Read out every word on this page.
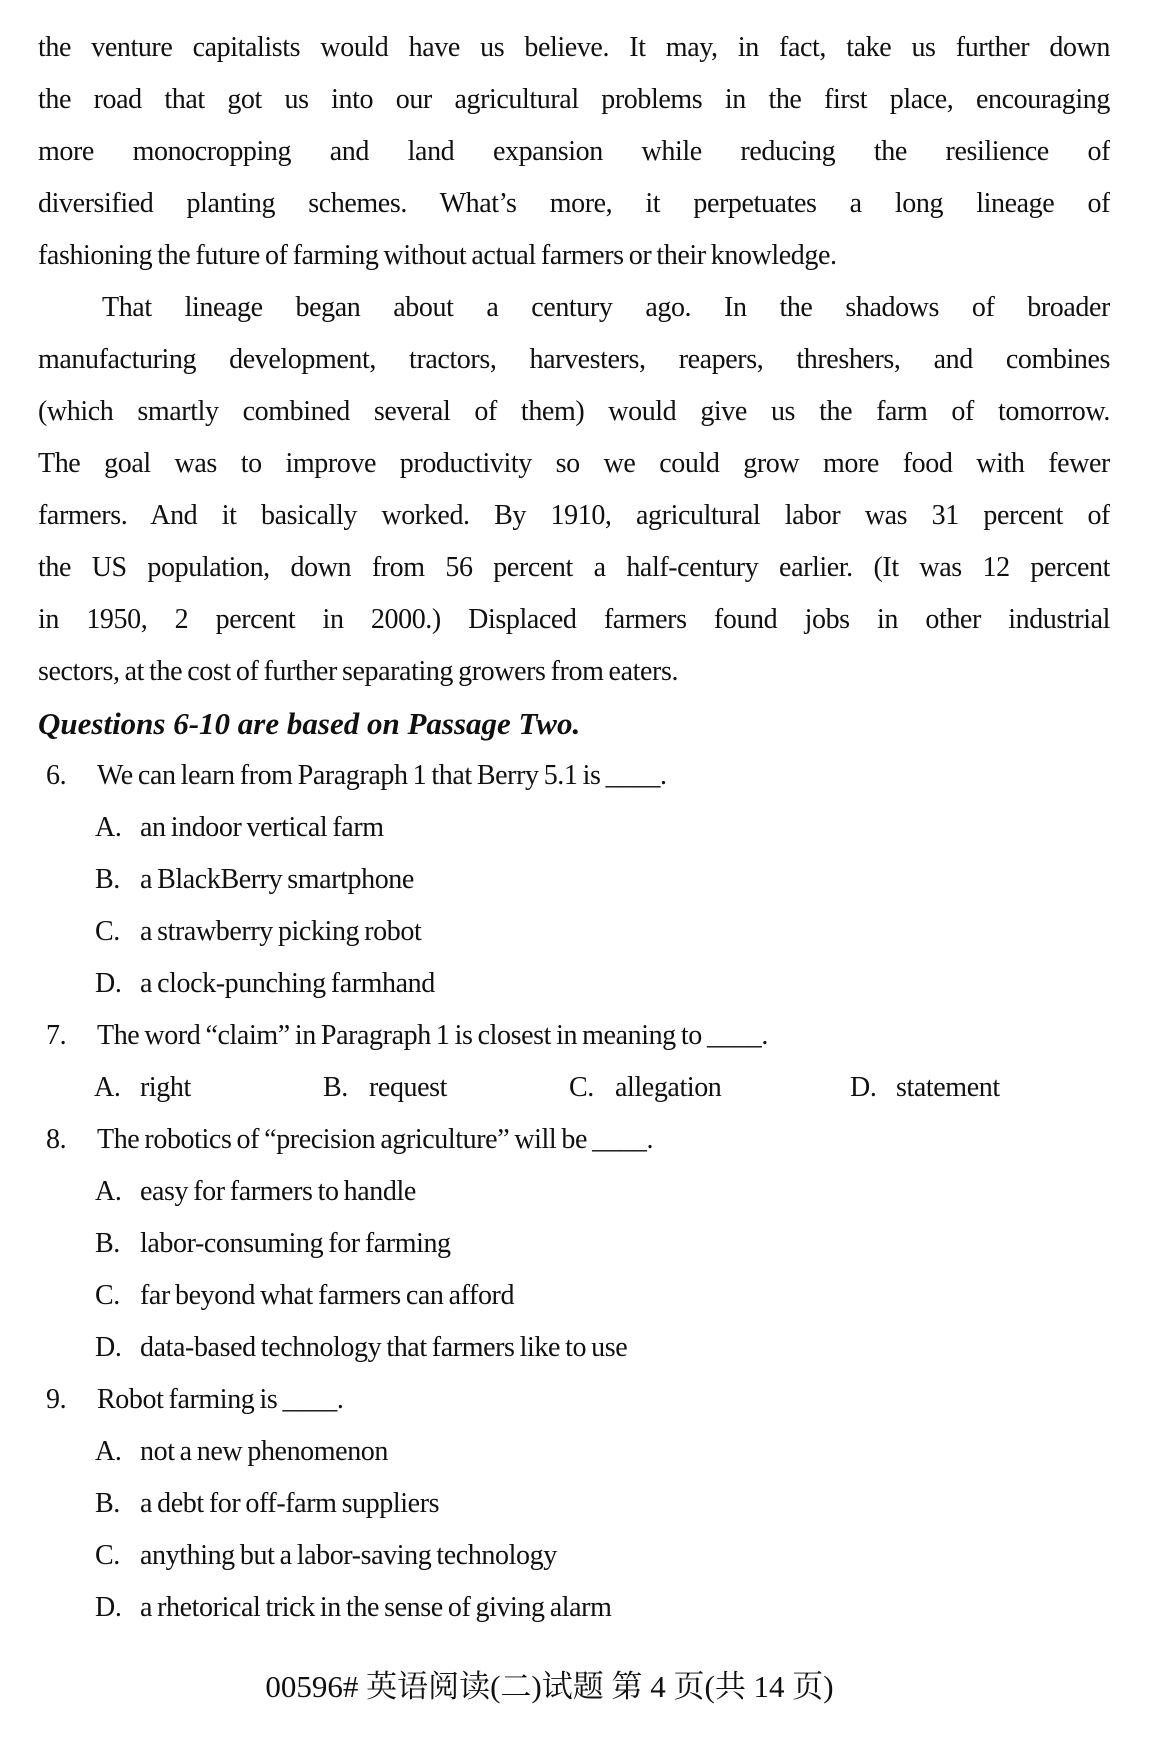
the venture capitalists would have us believe. It may, in fact, take us further down
the road that got us into our agricultural problems in the first place, encouraging
more monocropping and land expansion while reducing the resilience of
diversified planting schemes. What’s more, it perpetuates a long lineage of
fashioning the future of farming without actual farmers or their knowledge.
That lineage began about a century ago. In the shadows of broader
manufacturing development, tractors, harvesters, reapers, threshers, and combines
(which smartly combined several of them) would give us the farm of tomorrow.
The goal was to improve productivity so we could grow more food with fewer
farmers. And it basically worked. By 1910, agricultural labor was 31 percent of
the US population, down from 56 percent a half-century earlier. (It was 12 percent
in 1950, 2 percent in 2000.) Displaced farmers found jobs in other industrial
sectors, at the cost of further separating growers from eaters.
Questions 6-10 are based on Passage Two.
6. We can learn from Paragraph 1 that Berry 5.1 is ____.
A. an indoor vertical farm
B. a BlackBerry smartphone
C. a strawberry picking robot
D. a clock-punching farmhand
7. The word “claim” in Paragraph 1 is closest in meaning to ____.
A. right	B. request	C. allegation	D. statement
8. The robotics of “precision agriculture” will be ____.
A. easy for farmers to handle
B. labor-consuming for farming
C. far beyond what farmers can afford
D. data-based technology that farmers like to use
9. Robot farming is ____.
A. not a new phenomenon
B. a debt for off-farm suppliers
C. anything but a labor-saving technology
D. a rhetorical trick in the sense of giving alarm
00596# 英语阅读(二)试题 第 4 页(共 14 页)
